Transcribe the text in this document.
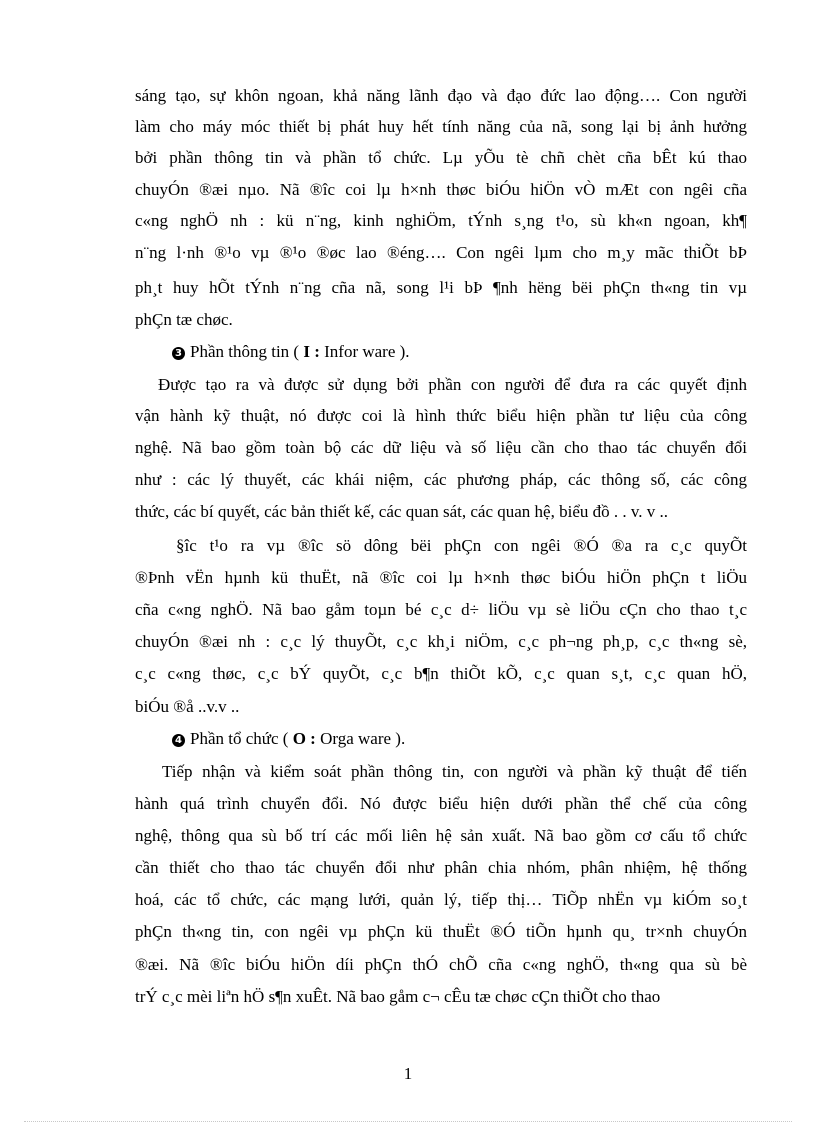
sáng tạo, sự khôn ngoan, khả năng lãnh đạo và đạo đức lao động…. Con người
làm cho máy móc thiết bị phát huy hết tính năng của nã, song lại bị ảnh hưởng
bởi phần thông tin và phần tổ chức. Lµ yÕu tè chñ chèt cña bÊt kú thao
chuyÓn ®æi nµo. Nã ®îc coi lµ h×nh thøc biÓu hiÖn vÒ mÆt con ngêi cña
c«ng nghÖ nh : kü n¨ng, kinh nghiÖm, tÝnh s¸ng t¹o, sù kh«n ngoan, kh¶
n¨ng l·nh ®¹o vµ ®¹o ®øc lao ®éng…. Con ngêi lµm cho m¸y mãc thiÕt bÞ
ph¸t huy hÕt tÝnh n¨ng cña nã, song l¹i bÞ ¶nh hëng bëi phÇn th«ng tin vµ
phÇn tæ chøc.
3 Phần thông tin ( I : Infor ware ).
Được tạo ra và được sử dụng bởi phần con người để đưa ra các quyết định
vận hành kỹ thuật, nó được coi là hình thức biểu hiện phần tư liệu của công
nghệ. Nã bao gồm toàn bộ các dữ liệu và số liệu cần cho thao tác chuyển đổi
như : các lý thuyết, các khái niệm, các phương pháp, các thông số, các công
thức, các bí quyết, các bản thiết kế, các quan sát, các quan hệ, biểu đồ . . v. v ..
§îc t¹o ra vµ ®îc sö dông bëi phÇn con ngêi ®Ó ®a ra c¸c quyÕt
®Þnh vËn hµnh kü thuËt, nã ®îc coi lµ h×nh thøc biÓu hiÖn phÇn t liÖu
cña c«ng nghÖ. Nã bao gåm toµn bé c¸c d÷ liÖu vµ sè liÖu cÇn cho thao t¸c
chuyÓn ®æi nh : c¸c lý thuyÕt, c¸c kh¸i niÖm, c¸c ph¬ng ph¸p, c¸c th«ng sè,
c¸c c«ng thøc, c¸c bÝ quyÕt, c¸c b¶n thiÕt kÕ, c¸c quan s¸t, c¸c quan hÖ,
biÓu ®å ..v.v ..
4 Phần tổ chức ( O : Orga ware ).
Tiếp nhận và kiểm soát phần thông tin, con người và phần kỹ thuật để tiến
hành quá trình chuyển đổi. Nó được biểu hiện dưới phần thể chế của công
nghệ, thông qua sù bố trí các mối liên hệ sản xuất. Nã bao gồm cơ cấu tổ chức
cần thiết cho thao tác chuyển đổi như phân chia nhóm, phân nhiệm, hệ thống
hoá, các tổ chức, các mạng lưới, quản lý, tiếp thị… TiÕp nhËn vµ kiÓm so¸t
phÇn th«ng tin, con ngêi vµ phÇn kü thuËt ®Ó tiÕn hµnh qu¸ tr×nh chuyÓn
®æi. Nã ®îc biÓu hiÖn díi phÇn thÓ chÕ cña c«ng nghÖ, th«ng qua sù bè
trÝ c¸c mèi liªn hÖ s¶n xuÊt. Nã bao gåm c¬ cÊu tæ chøc cÇn thiÕt cho thao
1
